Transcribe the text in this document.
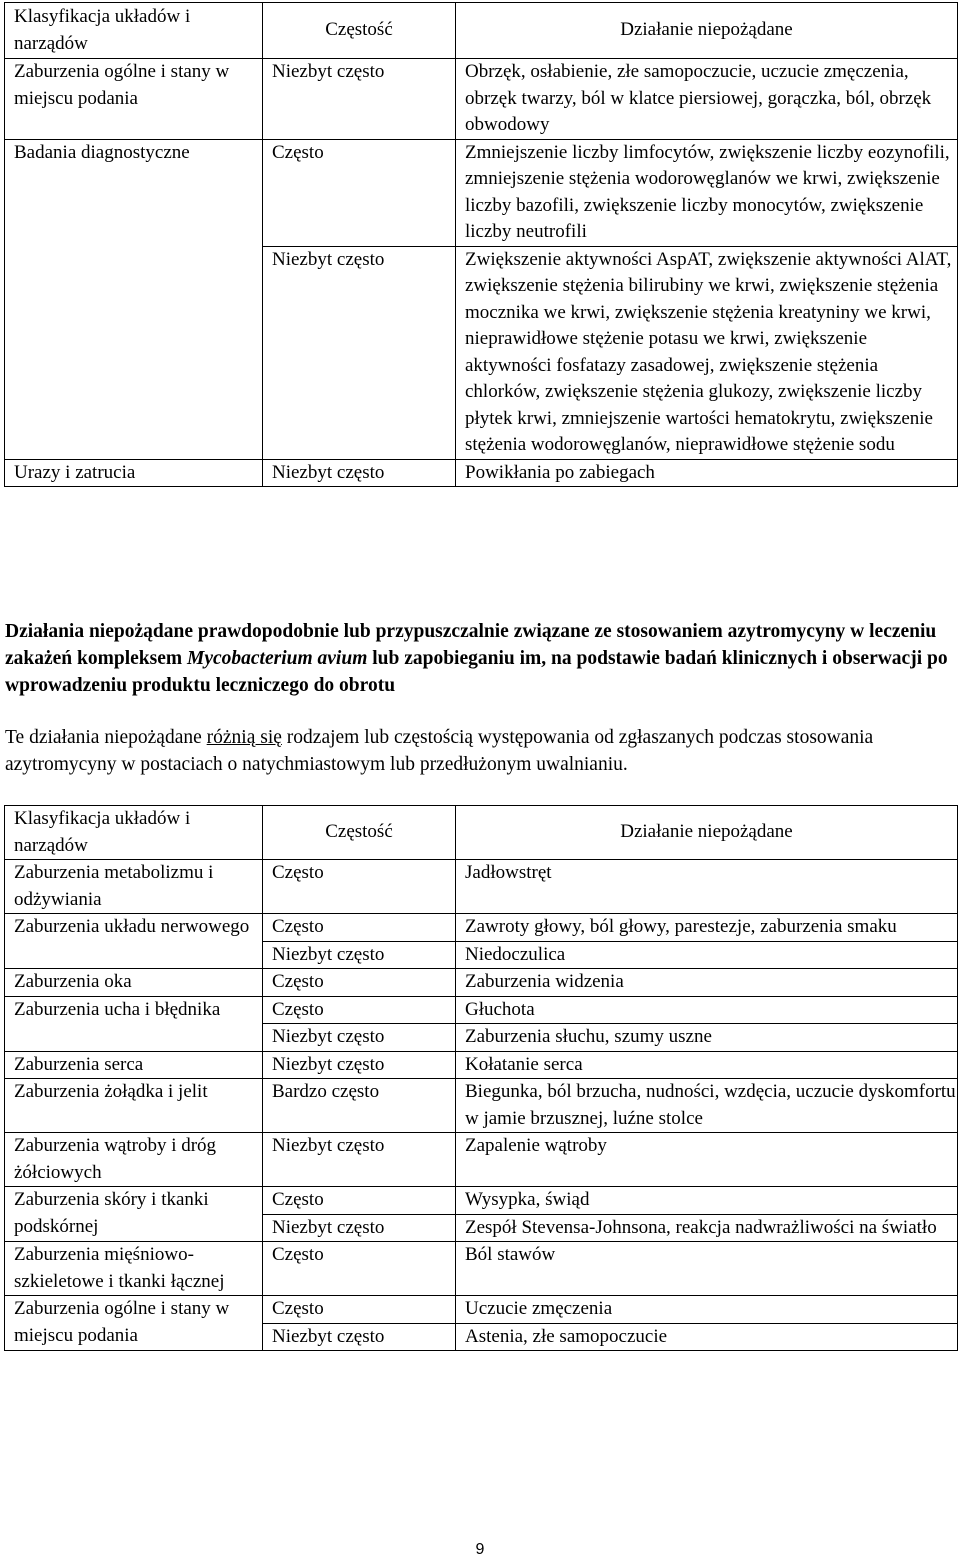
Klasyfikacja układów i narządów	Częstość	Działanie niepożądane
Zaburzenia ogólne i stany w miejscu podania	Niezbyt często	Obrzęk, osłabienie, złe samopoczucie, uczucie zmęczenia, obrzęk twarzy, ból w klatce piersiowej, gorączka, ból, obrzęk obwodowy
Badania diagnostyczne	Często	Zmniejszenie liczby limfocytów, zwiększenie liczby eozynofili, zmniejszenie stężenia wodorowęglanów we krwi, zwiększenie liczby bazofili, zwiększenie liczby monocytów, zwiększenie liczby neutrofili
	Niezbyt często	Zwiększenie aktywności AspAT, zwiększenie aktywności AlAT, zwiększenie stężenia bilirubiny we krwi, zwiększenie stężenia mocznika we krwi, zwiększenie stężenia kreatyniny we krwi, nieprawidłowe stężenie potasu we krwi, zwiększenie aktywności fosfatazy zasadowej, zwiększenie stężenia chlorków, zwiększenie stężenia glukozy, zwiększenie liczby płytek krwi, zmniejszenie wartości hematokrytu, zwiększenie stężenia wodorowęglanów, nieprawidłowe stężenie sodu
Urazy i zatrucia	Niezbyt często	Powikłania po zabiegach
Działania niepożądane prawdopodobnie lub przypuszczalnie związane ze stosowaniem azytromycyny w leczeniu zakażeń kompleksem Mycobacterium avium lub zapobieganiu im, na podstawie badań klinicznych i obserwacji po wprowadzeniu produktu leczniczego do obrotu
Te działania niepożądane różnią się rodzajem lub częstością występowania od zgłaszanych podczas stosowania azytromycyny w postaciach o natychmiastowym lub przedłużonym uwalnianiu.
Klasyfikacja układów i narządów	Częstość	Działanie niepożądane
Zaburzenia metabolizmu i odżywiania	Często	Jadłowstręt
Zaburzenia układu nerwowego	Często	Zawroty głowy, ból głowy, parestezje, zaburzenia smaku
	Niezbyt często	Niedoczulica
Zaburzenia oka	Często	Zaburzenia widzenia
Zaburzenia ucha i błędnika	Często	Głuchota
	Niezbyt często	Zaburzenia słuchu, szumy uszne
Zaburzenia serca	Niezbyt często	Kołatanie serca
Zaburzenia żołądka i jelit	Bardzo często	Biegunka, ból brzucha, nudności, wzdęcia, uczucie dyskomfortu w jamie brzusznej, luźne stolce
Zaburzenia wątroby i dróg żółciowych	Niezbyt często	Zapalenie wątroby
Zaburzenia skóry i tkanki podskórnej	Często	Wysypka, świąd
	Niezbyt często	Zespół Stevensa-Johnsona, reakcja nadwrażliwości na światło
Zaburzenia mięśniowo-szkieletowe i tkanki łącznej	Często	Ból stawów
Zaburzenia ogólne i stany w miejscu podania	Często	Uczucie zmęczenia
	Niezbyt często	Astenia, złe samopoczucie
9
